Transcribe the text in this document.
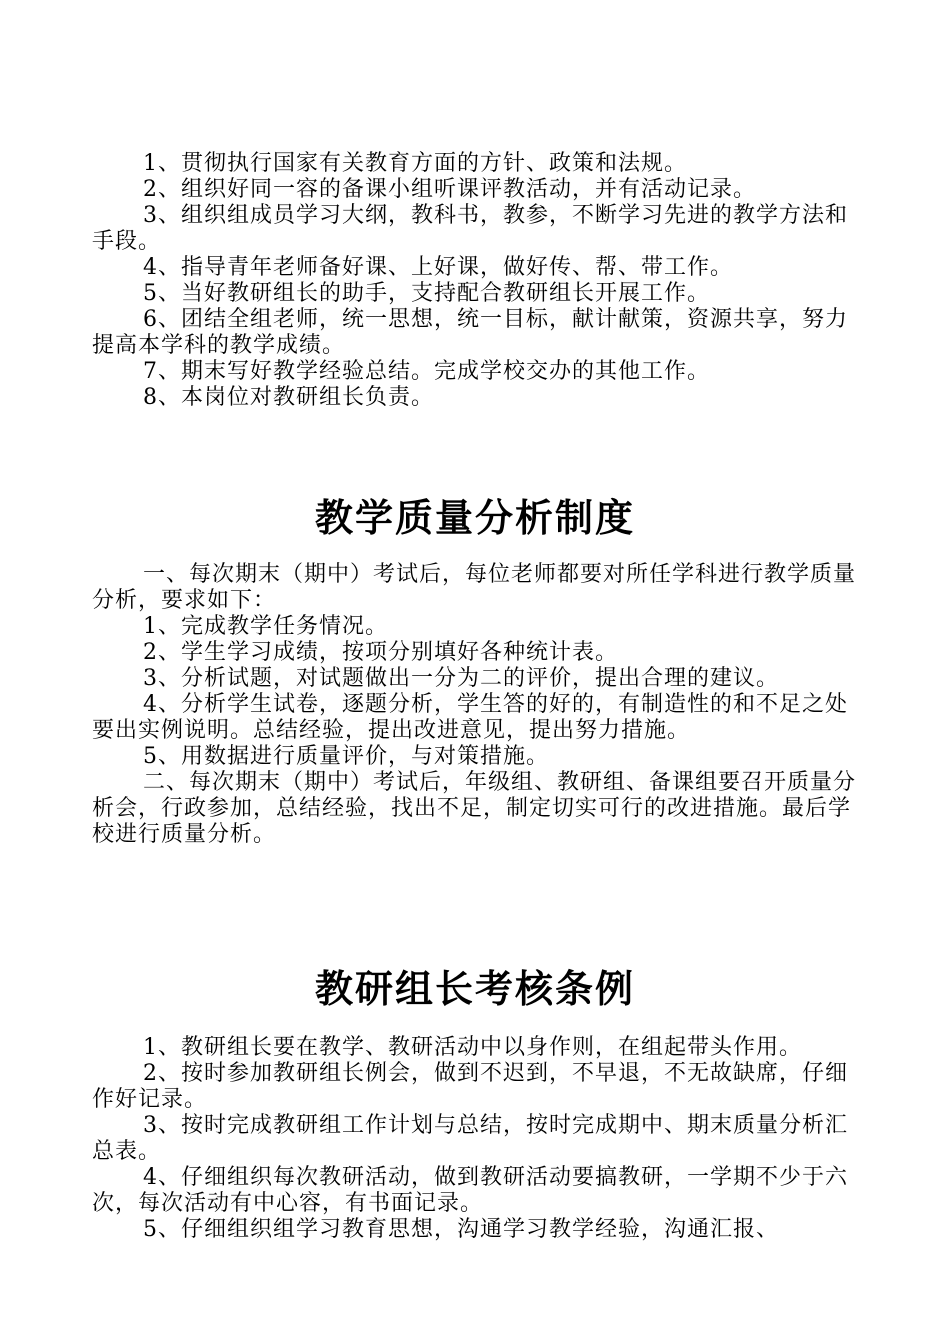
1、贯彻执行国家有关教育方面的方针、政策和法规。

2、组织好同一容的备课小组听课评教活动，并有活动记录。

3、组织组成员学习大纲，教科书，教参，不断学习先进的教学方法和手段。

4、指导青年老师备好课、上好课，做好传、帮、带工作。

5、当好教研组长的助手，支持配合教研组长开展工作。

6、团结全组老师，统一思想，统一目标，献计献策，资源共享，努力提高本学科的教学成绩。

7、期末写好教学经验总结。完成学校交办的其他工作。

8、本岗位对教研组长负责。

教学质量分析制度

一、每次期末（期中）考试后，每位老师都要对所任学科进行教学质量分析，要求如下：

1、完成教学任务情况。

2、学生学习成绩，按项分别填好各种统计表。

3、分析试题，对试题做出一分为二的评价，提出合理的建议。

4、分析学生试卷，逐题分析，学生答的好的，有制造性的和不足之处要出实例说明。总结经验，提出改进意见，提出努力措施。

5、用数据进行质量评价，与对策措施。

二、每次期末（期中）考试后，年级组、教研组、备课组要召开质量分析会，行政参加，总结经验，找出不足，制定切实可行的改进措施。最后学校进行质量分析。

教研组长考核条例

1、教研组长要在教学、教研活动中以身作则，在组起带头作用。

2、按时参加教研组长例会，做到不迟到，不早退，不无故缺席，仔细作好记录。

3、按时完成教研组工作计划与总结，按时完成期中、期末质量分析汇总表。

4、仔细组织每次教研活动，做到教研活动要搞教研，一学期不少于六次，每次活动有中心容，有书面记录。

5、仔细组织组学习教育思想，沟通学习教学经验，沟通汇报、
